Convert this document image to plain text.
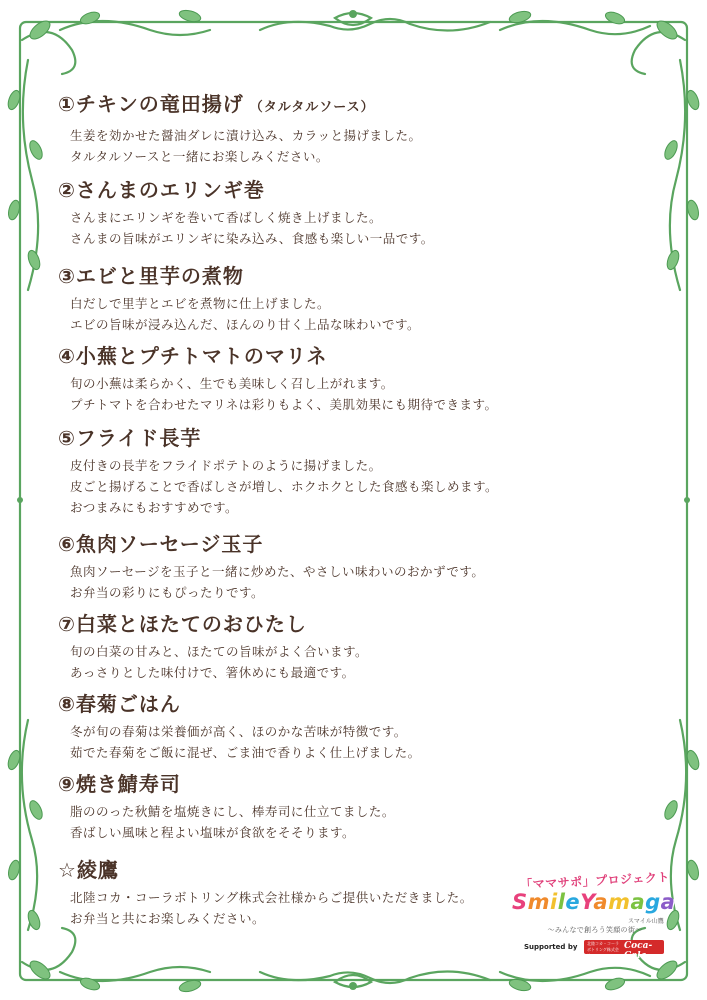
①チキンの竜田揚げ （タルタルソース）
生姜を効かせた醤油ダレに漬け込み、カラッと揚げました。
タルタルソースと一緒にお楽しみください。
②さんまのエリンギ巻
さんまにエリンギを巻いて香ばしく焼き上げました。
さんまの旨味がエリンギに染み込み、食感も楽しい一品です。
③エビと里芋の煮物
白だしで里芋とエビを煮物に仕上げました。
エビの旨味が浸み込んだ、ほんのり甘く上品な味わいです。
④小蕪とプチトマトのマリネ
旬の小蕪は柔らかく、生でも美味しく召し上がれます。
プチトマトを合わせたマリネは彩りもよく、美肌効果にも期待できます。
⑤フライド長芋
皮付きの長芋をフライドポテトのように揚げました。
皮ごと揚げることで香ばしさが増し、ホクホクとした食感も楽しめます。
おつまみにもおすすめです。
⑥魚肉ソーセージ玉子
魚肉ソーセージを玉子と一緒に炒めた、やさしい味わいのおかずです。
お弁当の彩りにもぴったりです。
⑦白菜とほたてのおひたし
旬の白菜の甘みと、ほたての旨味がよく合います。
あっさりとした味付けで、箸休めにも最適です。
⑧春菊ごはん
冬が旬の春菊は栄養価が高く、ほのかな苦味が特徴です。
茹でた春菊をご飯に混ぜ、ごま油で香りよく仕上げました。
⑨焼き鯖寿司
脂ののった秋鯖を塩焼きにし、棒寿司に仕立てました。
香ばしい風味と程よい塩味が食欲をそそります。
☆綾鷹
北陸コカ・コーラボトリング株式会社様からご提供いただきました。
お弁当と共にお楽しみください。
「ママサポ」プロジェクト
SmileYamaga
スマイル山鷹
～みんなで創ろう笑顔の街～
Supported by 北陸コカ・コーラボトリング株式会社
Coca-Cola
